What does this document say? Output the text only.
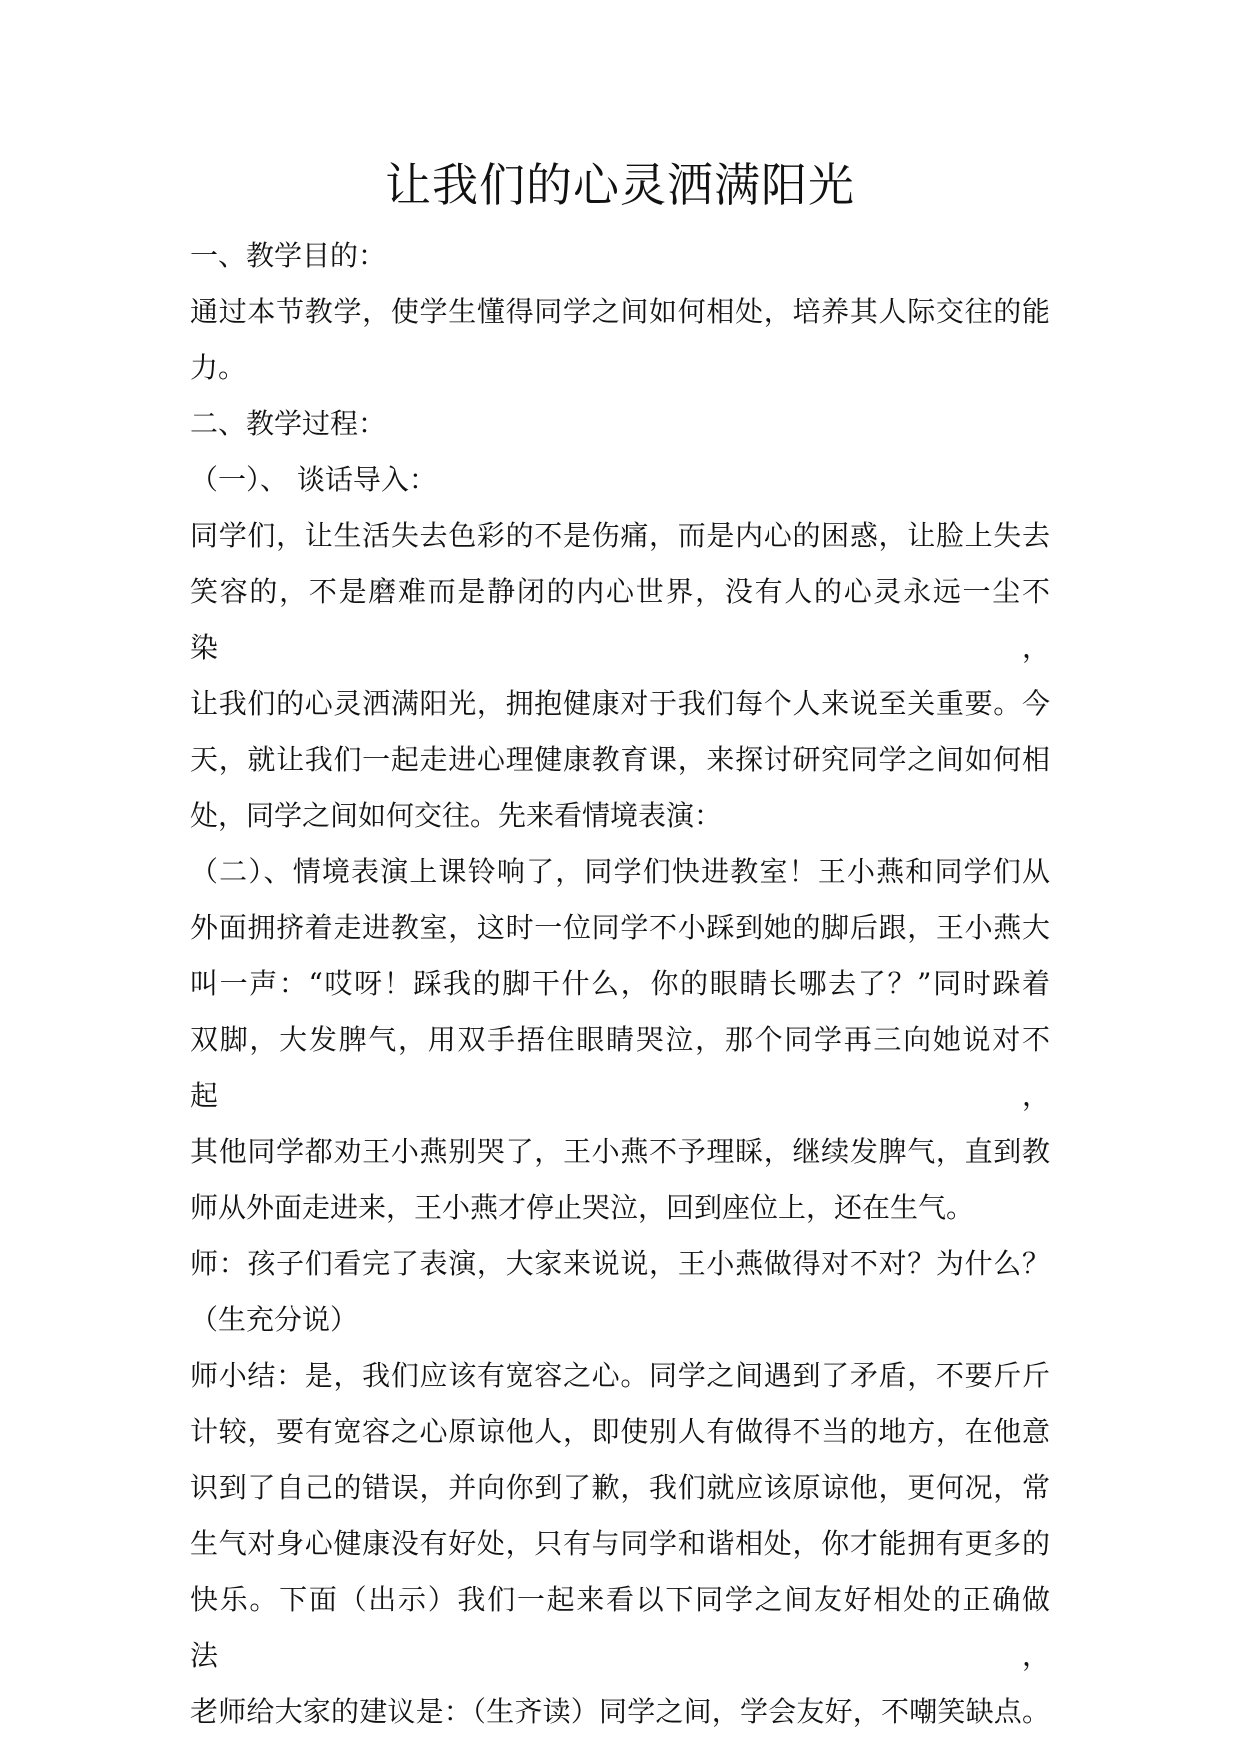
让我们的心灵洒满阳光

一、教学目的：

通过本节教学，使学生懂得同学之间如何相处，培养其人际交往的能

力。

二、教学过程：

（一）、 谈话导入：

同学们，让生活失去色彩的不是伤痛，而是内心的困惑，让脸上失去

笑容的，不是磨难而是静闭的内心世界，没有人的心灵永远一尘不染，

让我们的心灵洒满阳光，拥抱健康对于我们每个人来说至关重要。今

天，就让我们一起走进心理健康教育课，来探讨研究同学之间如何相

处，同学之间如何交往。先来看情境表演：

（二）、情境表演上课铃响了，同学们快进教室！王小燕和同学们从

外面拥挤着走进教室，这时一位同学不小踩到她的脚后跟，王小燕大

叫一声：“哎呀！踩我的脚干什么，你的眼睛长哪去了？”同时跺着

双脚，大发脾气，用双手捂住眼睛哭泣，那个同学再三向她说对不起，

其他同学都劝王小燕别哭了，王小燕不予理睬，继续发脾气，直到教

师从外面走进来，王小燕才停止哭泣，回到座位上，还在生气。

师：孩子们看完了表演，大家来说说，王小燕做得对不对？为什么？

（生充分说）

师小结：是，我们应该有宽容之心。同学之间遇到了矛盾，不要斤斤

计较，要有宽容之心原谅他人，即使别人有做得不当的地方，在他意

识到了自己的错误，并向你到了歉，我们就应该原谅他，更何况，常

生气对身心健康没有好处，只有与同学和谐相处，你才能拥有更多的

快乐。下面（出示）我们一起来看以下同学之间友好相处的正确做法，

老师给大家的建议是：（生齐读）同学之间，学会友好，不嘲笑缺点。
